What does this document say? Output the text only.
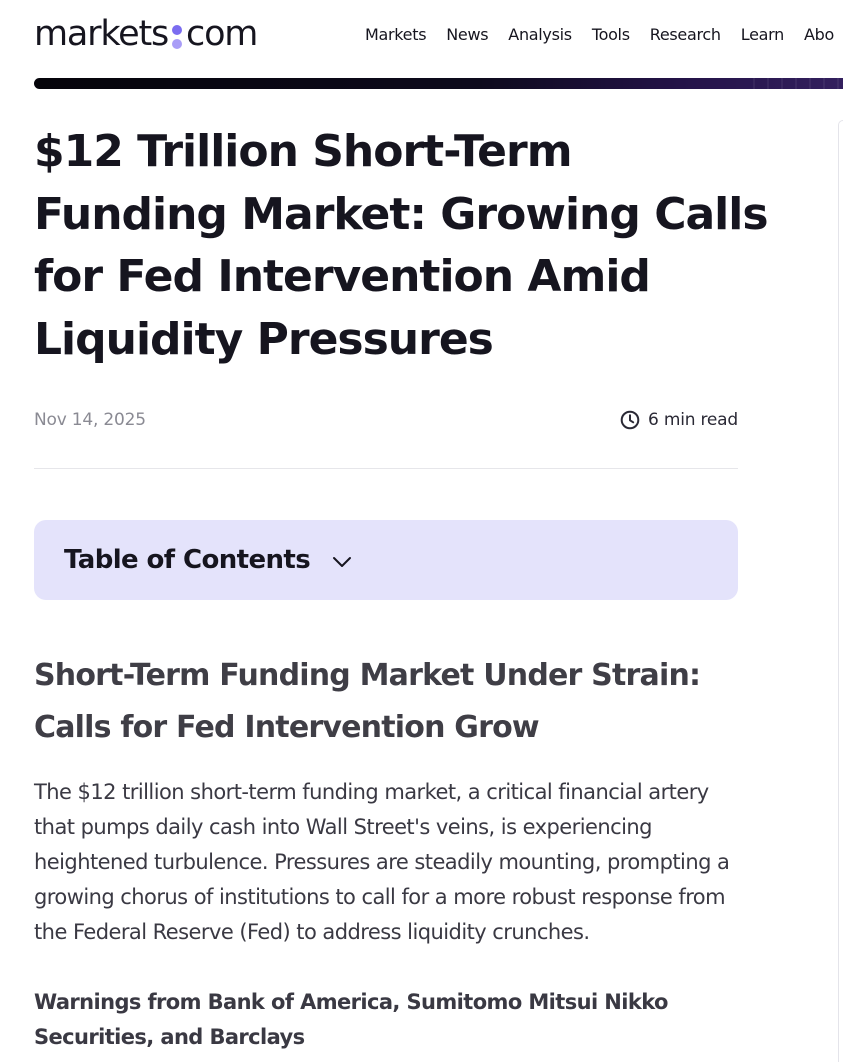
markets com	Markets News Analysis Tools Research Learn Abo
$12 Trillion Short-Term Funding Market: Growing Calls for Fed Intervention Amid Liquidity Pressures
Nov 14, 2025	6 min read
Table of Contents
Short-Term Funding Market Under Strain: Calls for Fed Intervention Grow

The $12 trillion short-term funding market, a critical financial artery that pumps daily cash into Wall Street's veins, is experiencing heightened turbulence. Pressures are steadily mounting, prompting a growing chorus of institutions to call for a more robust response from the Federal Reserve (Fed) to address liquidity crunches.

Warnings from Bank of America, Sumitomo Mitsui Nikko Securities, and Barclays
